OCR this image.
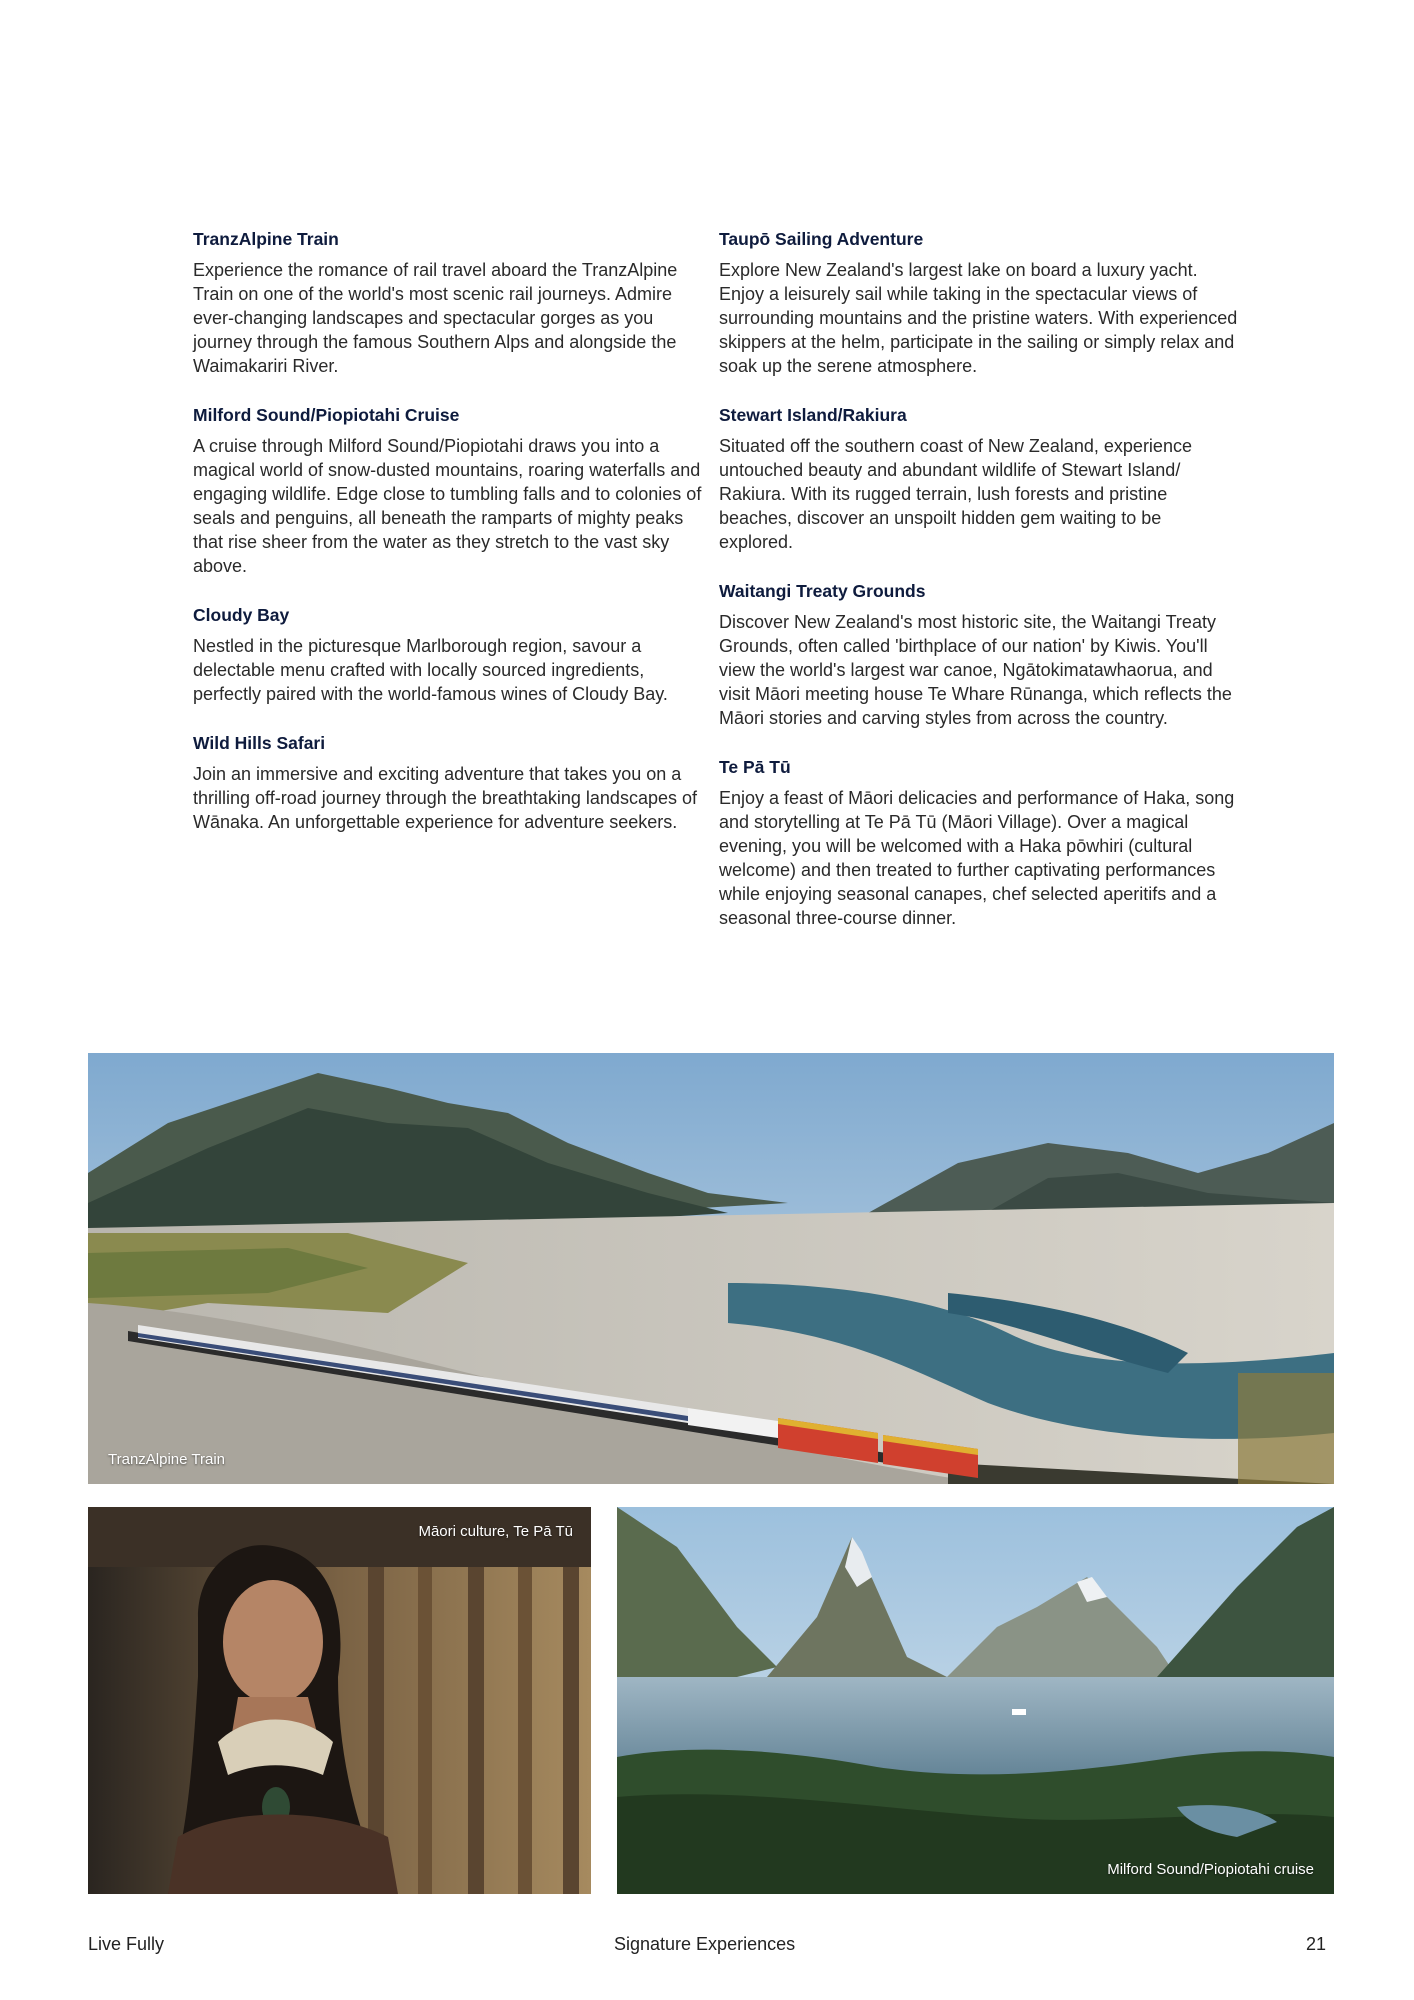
TranzAlpine Train

Experience the romance of rail travel aboard the TranzAlpine Train on one of the world's most scenic rail journeys. Admire ever-changing landscapes and spectacular gorges as you journey through the famous Southern Alps and alongside the Waimakariri River.

Milford Sound/Piopiotahi Cruise

A cruise through Milford Sound/Piopiotahi draws you into a magical world of snow-dusted mountains, roaring waterfalls and engaging wildlife. Edge close to tumbling falls and to colonies of seals and penguins, all beneath the ramparts of mighty peaks that rise sheer from the water as they stretch to the vast sky above.

Cloudy Bay

Nestled in the picturesque Marlborough region, savour a delectable menu crafted with locally sourced ingredients, perfectly paired with the world-famous wines of Cloudy Bay.

Wild Hills Safari

Join an immersive and exciting adventure that takes you on a thrilling off-road journey through the breathtaking landscapes of Wānaka. An unforgettable experience for adventure seekers.

Taupō Sailing Adventure

Explore New Zealand's largest lake on board a luxury yacht. Enjoy a leisurely sail while taking in the spectacular views of surrounding mountains and the pristine waters. With experienced skippers at the helm, participate in the sailing or simply relax and soak up the serene atmosphere.

Stewart Island/Rakiura

Situated off the southern coast of New Zealand, experience untouched beauty and abundant wildlife of Stewart Island/ Rakiura. With its rugged terrain, lush forests and pristine beaches, discover an unspoilt hidden gem waiting to be explored.

Waitangi Treaty Grounds

Discover New Zealand's most historic site, the Waitangi Treaty Grounds, often called 'birthplace of our nation' by Kiwis. You'll view the world's largest war canoe, Ngātokimatawhaorua, and visit Māori meeting house Te Whare Rūnanga, which reflects the Māori stories and carving styles from across the country.

Te Pā Tū

Enjoy a feast of Māori delicacies and performance of Haka, song and storytelling at Te Pā Tū (Māori Village). Over a magical evening, you will be welcomed with a Haka pōwhiri (cultural welcome) and then treated to further captivating performances while enjoying seasonal canapes, chef selected aperitifs and a seasonal three-course dinner.

TranzAlpine Train
Māori culture, Te Pā Tū
Milford Sound/Piopiotahi cruise
Live Fully	Signature Experiences	21
